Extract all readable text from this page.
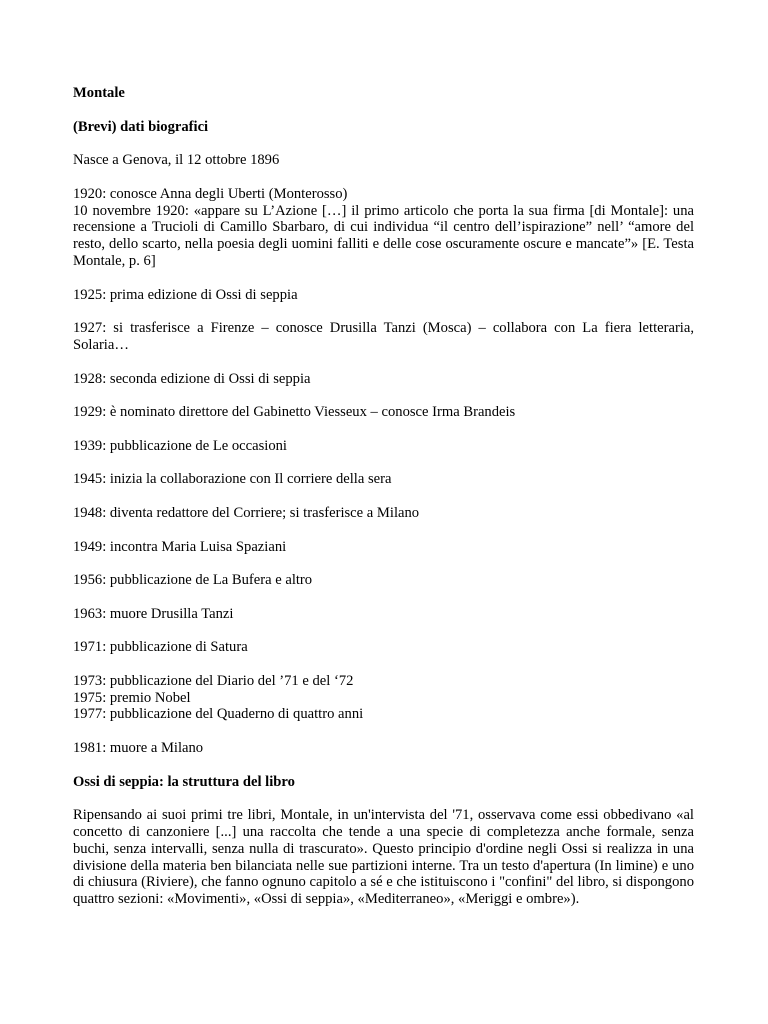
Montale

(Brevi) dati biografici

Nasce a Genova, il 12 ottobre 1896

1920: conosce Anna degli Uberti (Monterosso)

10 novembre 1920: «appare su L’Azione […] il primo articolo che porta la sua firma [di Montale]: una recensione a Trucioli di Camillo Sbarbaro, di cui individua “il centro dell’ispirazione” nell’ “amore del resto, dello scarto, nella poesia degli uomini falliti e delle cose oscuramente oscure e mancate”» [E. Testa Montale, p. 6]

1925: prima edizione di Ossi di seppia

1927: si trasferisce a Firenze – conosce Drusilla Tanzi (Mosca) – collabora con La fiera letteraria, Solaria…

1928: seconda edizione di Ossi di seppia

1929: è nominato direttore del Gabinetto Viesseux – conosce Irma Brandeis

1939: pubblicazione de Le occasioni

1945: inizia la collaborazione con Il corriere della sera

1948: diventa redattore del Corriere; si trasferisce a Milano

1949: incontra Maria Luisa Spaziani

1956: pubblicazione de La Bufera e altro

1963: muore Drusilla Tanzi

1971: pubblicazione di Satura

1973: pubblicazione del Diario del ’71 e del ‘72

1975: premio Nobel

1977: pubblicazione del Quaderno di quattro anni

1981: muore a Milano

Ossi di seppia: la struttura del libro

Ripensando ai suoi primi tre libri, Montale, in un'intervista del '71, osservava come essi obbedivano «al concetto di canzoniere [...] una raccolta che tende a una specie di completezza anche formale, senza buchi, senza intervalli, senza nulla di trascurato». Questo principio d'ordine negli Ossi si realizza in una divisione della materia ben bilanciata nelle sue partizioni interne. Tra un testo d'apertura (In limine) e uno di chiusura (Riviere), che fanno ognuno capitolo a sé e che istituiscono i "confini" del libro, si dispongono quattro sezioni: «Movimenti», «Ossi di seppia», «Mediterraneo», «Meriggi e ombre»).
